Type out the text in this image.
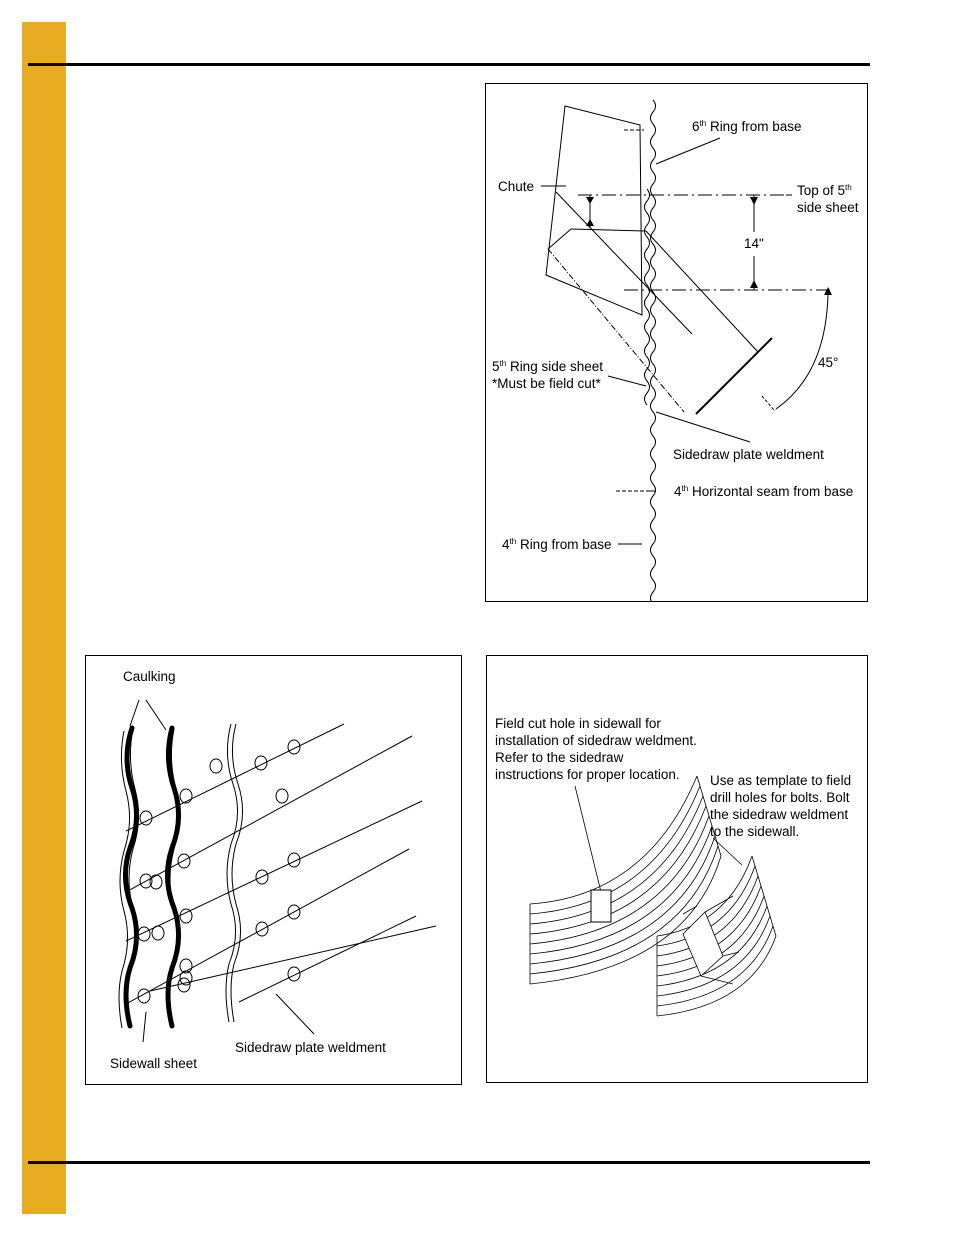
6th Ring from base
Chute	Top of 5th
side sheet
14"
45°
5th Ring side sheet
*Must be field cut*
Sidedraw plate weldment
4th Horizontal seam from base
4th Ring from base
Caulking
Sidewall sheet
Sidedraw plate weldment
Field cut hole in sidewall for
installation of sidedraw weldment.
Refer to the sidedraw
instructions for proper location.	Use as template to field
drill holes for bolts. Bolt
the sidedraw weldment
to the sidewall.
